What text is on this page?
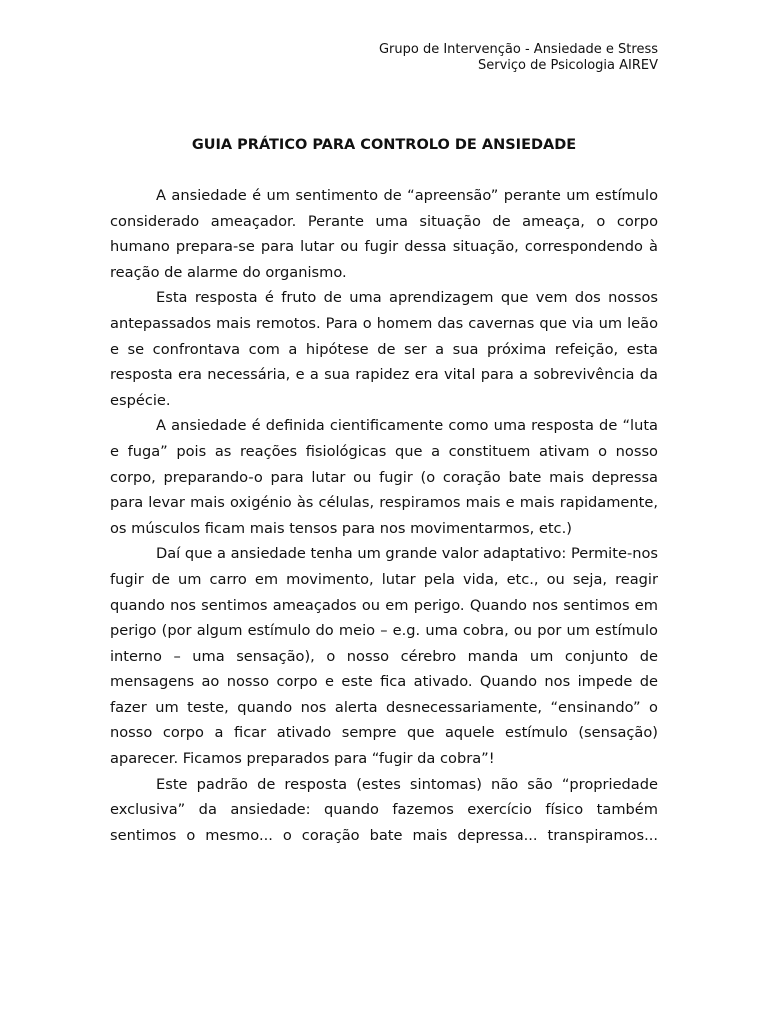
Grupo de Intervenção - Ansiedade e Stress
Serviço de Psicologia AIREV
GUIA PRÁTICO PARA CONTROLO DE ANSIEDADE

A ansiedade é um sentimento de “apreensão” perante um estímulo considerado ameaçador. Perante uma situação de ameaça, o corpo humano prepara-se para lutar ou fugir dessa situação, correspondendo à reação de alarme do organismo.

Esta resposta é fruto de uma aprendizagem que vem dos nossos antepassados mais remotos. Para o homem das cavernas que via um leão e se confrontava com a hipótese de ser a sua próxima refeição, esta resposta era necessária, e a sua rapidez era vital para a sobrevivência da espécie.

A ansiedade é definida cientificamente como uma resposta de “luta e fuga” pois as reações fisiológicas que a constituem ativam o nosso corpo, preparando-o para lutar ou fugir (o coração bate mais depressa para levar mais oxigénio às células, respiramos mais e mais rapidamente, os músculos ficam mais tensos para nos movimentarmos, etc.)

Daí que a ansiedade tenha um grande valor adaptativo: Permite-nos fugir de um carro em movimento, lutar pela vida, etc., ou seja, reagir quando nos sentimos ameaçados ou em perigo. Quando nos sentimos em perigo (por algum estímulo do meio – e.g. uma cobra, ou por um estímulo interno – uma sensação), o nosso cérebro manda um conjunto de mensagens ao nosso corpo e este fica ativado. Quando nos impede de fazer um teste, quando nos alerta desnecessariamente, “ensinando” o nosso corpo a ficar ativado sempre que aquele estímulo (sensação) aparecer. Ficamos preparados para “fugir da cobra”!

Este padrão de resposta (estes sintomas) não são “propriedade exclusiva” da ansiedade: quando fazemos exercício físico também sentimos o mesmo... o coração bate mais depressa... transpiramos...
